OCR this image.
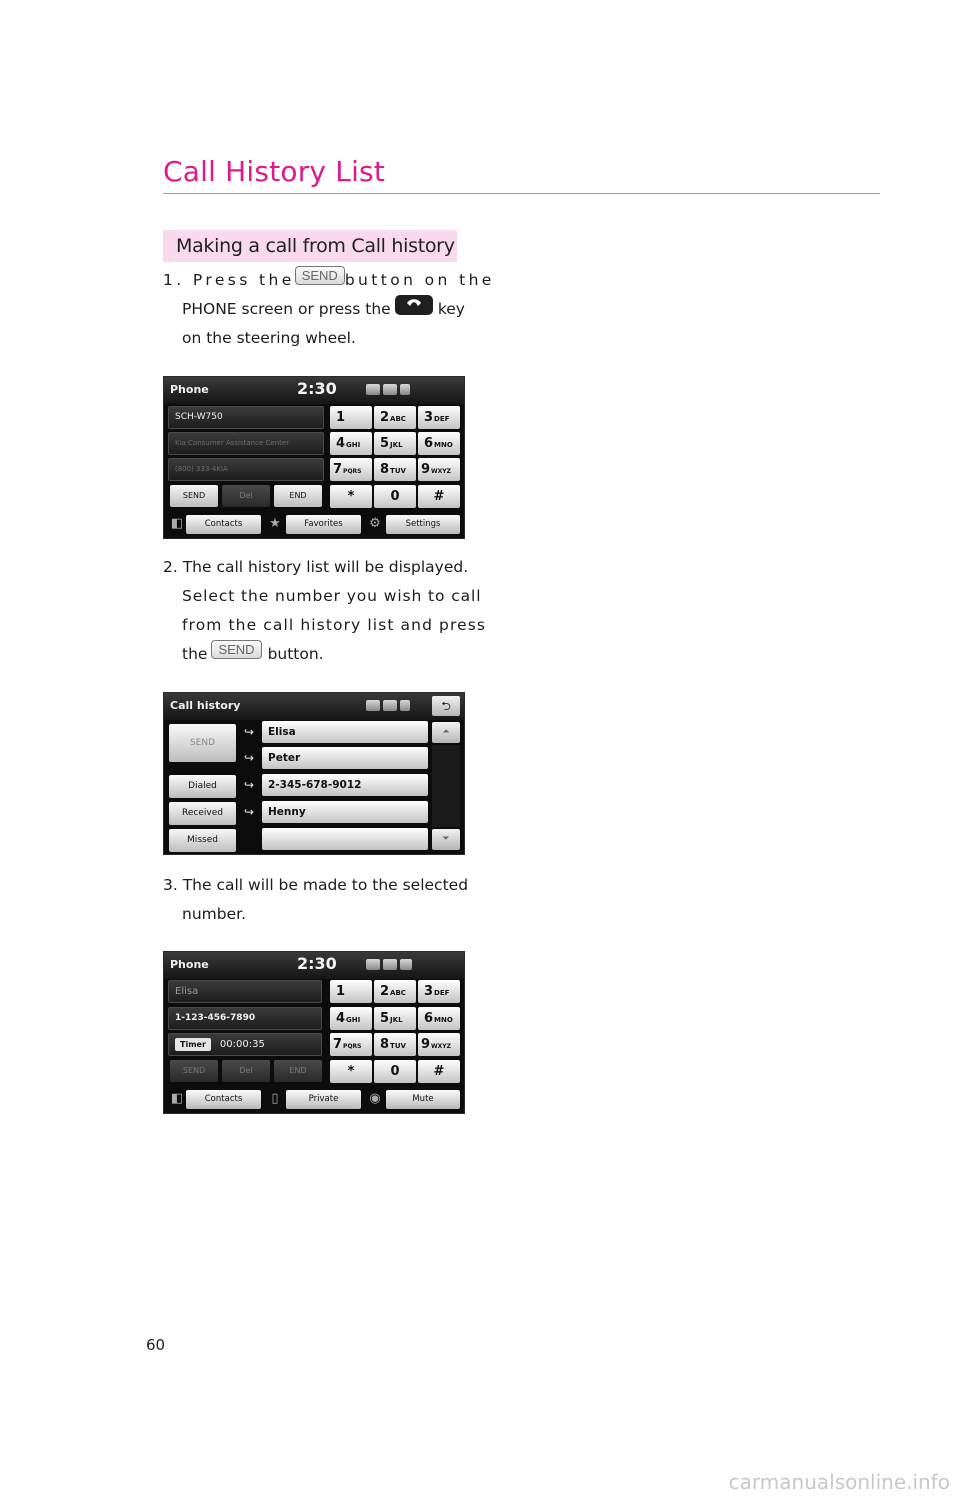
Call History List
Making a call from Call history
1. Press the SEND button on the
PHONE screen or press the	key
on the steering wheel.
Phone	2:30
SCH-W750
Kia Consumer Assistance Center
(800) 333-4KIA
1	2ABC	3DEF
4GHI	5JKL	6MNO
7PQRS	8TUV	9WXYZ
*	0	#
SEND	Del	END
◧	Contacts	★	Favorites	⚙	Settings
2. The call history list will be displayed.
Select the number you wish to call
from the call history list and press
the SEND button.
Call history	⮌
SEND
Dialed
Received
Missed
↪	Elisa
↪	Peter
↪	2-345-678-9012
↪	Henny
⏶
⏷
3. The call will be made to the selected
number.
Phone	2:30
Elisa
1-123-456-7890
Timer 00:00:35
1	2ABC	3DEF
4GHI	5JKL	6MNO
7PQRS	8TUV	9WXYZ
*	0	#
SEND	Del	END
◧	Contacts	▯	Private	◉	Mute
60
carmanualsonline.info
